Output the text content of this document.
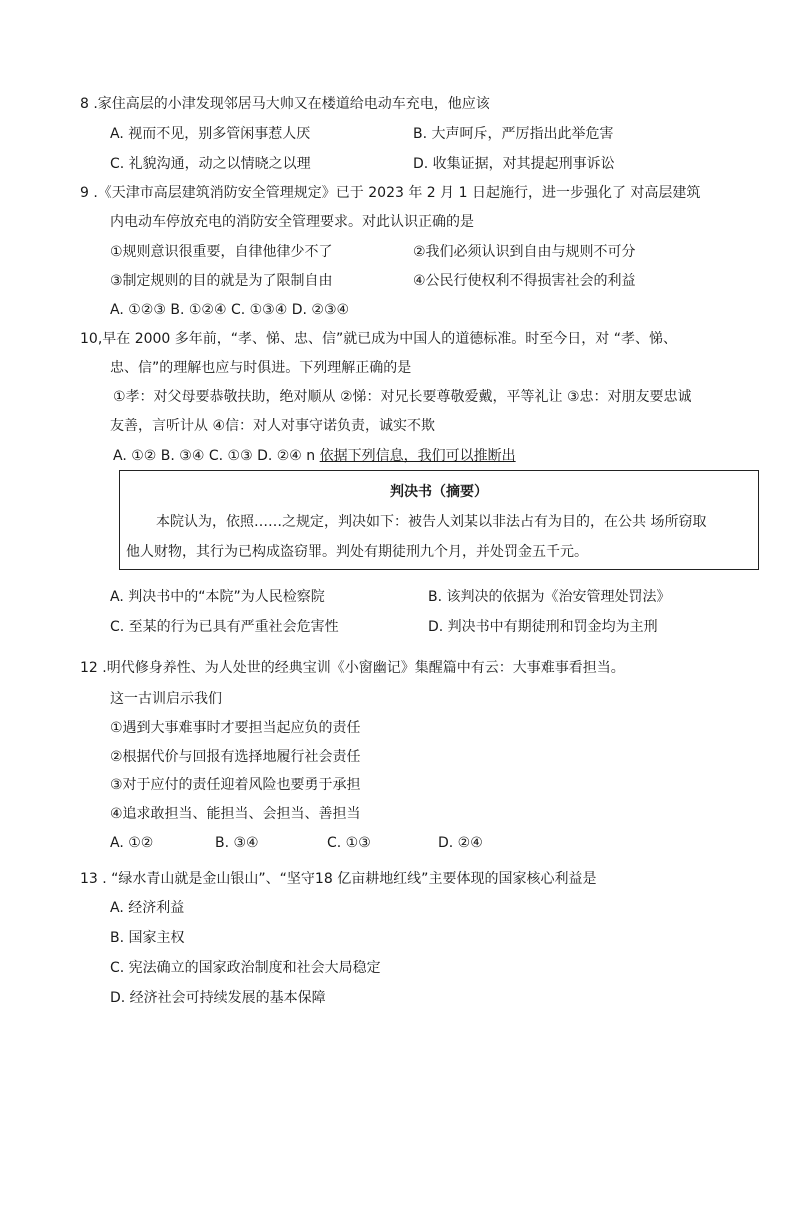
8 .家住高层的小津发现邻居马大帅又在楼道给电动车充电，他应该
A. 视而不见，别多管闲事惹人厌	B. 大声呵斥，严厉指出此举危害
C. 礼貌沟通，动之以情晓之以理	D. 收集证据，对其提起刑事诉讼
9 .《天津市高层建筑消防安全管理规定》已于 2023 年 2 月 1 日起施行，进一步强化了 对高层建筑
内电动车停放充电的消防安全管理要求。对此认识正确的是
①规则意识很重要，自律他律少不了	②我们必须认识到自由与规则不可分
③制定规则的目的就是为了限制自由	④公民行使权利不得损害社会的利益
A. ①②③ B. ①②④ C. ①③④ D. ②③④
10,早在 2000 多年前，“孝、悌、忠、信”就已成为中国人的道德标准。时至今日，对 “孝、悌、
忠、信”的理解也应与时俱进。下列理解正确的是
①孝：对父母要恭敬扶助，绝对顺从 ②悌：对兄长要尊敬爱戴，平等礼让 ③忠：对朋友要忠诚
友善，言听计从 ④信：对人对事守诺负责，诚实不欺
A. ①② B. ③④ C. ①③ D. ②④ n 依据下列信息，我们可以推断出
判决书（摘要）
本院认为，依照……之规定，判决如下：被告人刘某以非法占有为目的，在公共 场所窃取
他人财物，其行为已构成盗窃罪。判处有期徒刑九个月，并处罚金五千元。
A. 判决书中的“本院”为人民检察院	B. 该判决的依据为《治安管理处罚法》
C. 至某的行为已具有严重社会危害性	D. 判决书中有期徒刑和罚金均为主刑
12 .明代修身养性、为人处世的经典宝训《小窗幽记》集醒篇中有云：大事难事看担当。
这一古训启示我们
①遇到大事难事时才要担当起应负的责任
②根据代价与回报有选择地履行社会责任
③对于应付的责任迎着风险也要勇于承担
④追求敢担当、能担当、会担当、善担当
A. ①②	B. ③④	C. ①③	D. ②④
13 . “绿水青山就是金山银山”、“坚守18 亿亩耕地红线”主要体现的国家核心利益是
A. 经济利益
B. 国家主权
C. 宪法确立的国家政治制度和社会大局稳定
D. 经济社会可持续发展的基本保障
